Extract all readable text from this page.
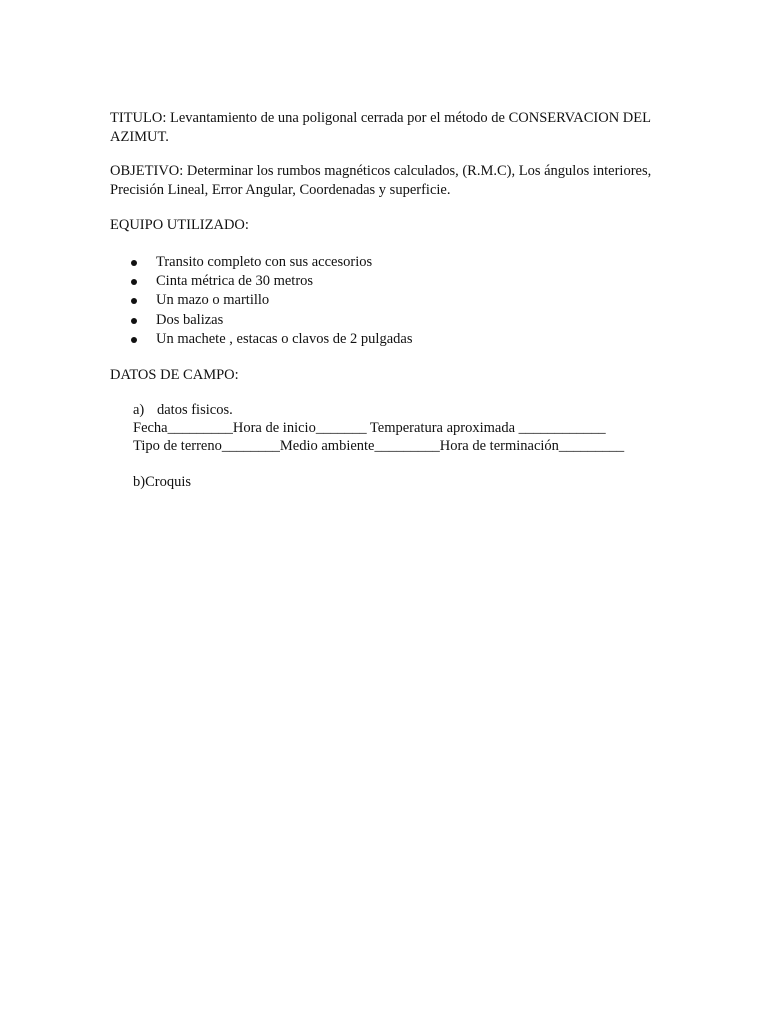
TITULO: Levantamiento de una poligonal cerrada por el método de CONSERVACION DEL AZIMUT.

OBJETIVO: Determinar los rumbos magnéticos calculados, (R.M.C), Los ángulos interiores, Precisión Lineal, Error Angular, Coordenadas y superficie.

EQUIPO UTILIZADO:

Transito completo con sus accesorios
Cinta métrica de 30 metros
Un mazo o martillo
Dos balizas
Un machete , estacas o clavos de 2 pulgadas

DATOS DE CAMPO:

a) datos fisicos.
Fecha_________Hora de inicio_______ Temperatura aproximada ____________
Tipo de terreno________Medio ambiente_________Hora de terminación_________
b)Croquis
